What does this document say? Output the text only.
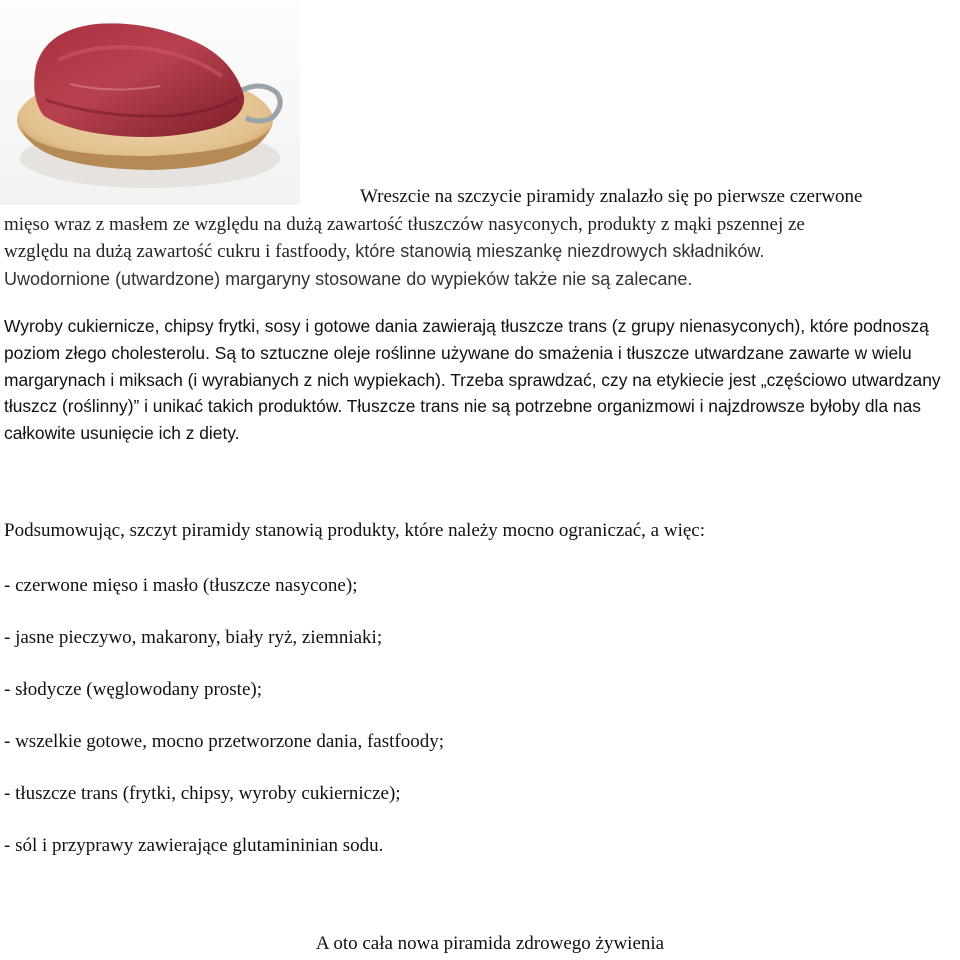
Wreszcie na szczycie piramidy znalazło się po pierwsze czerwone
mięso wraz z masłem ze względu na dużą zawartość tłuszczów nasyconych, produkty z mąki pszennej ze
względu na dużą zawartość cukru i fastfoody, które stanowią mieszankę niezdrowych składników.
Uwodornione (utwardzone) margaryny stosowane do wypieków także nie są zalecane.

Wyroby cukiernicze, chipsy frytki, sosy i gotowe dania zawierają tłuszcze trans (z grupy nienasyconych), które podnoszą poziom złego cholesterolu. Są to sztuczne oleje roślinne używane do smażenia i tłuszcze utwardzane zawarte w wielu margarynach i miksach (i wyrabianych z nich wypiekach). Trzeba sprawdzać, czy na etykiecie jest „częściowo utwardzany tłuszcz (roślinny)” i unikać takich produktów. Tłuszcze trans nie są potrzebne organizmowi i najzdrowsze byłoby dla nas całkowite usunięcie ich z diety.

Podsumowując, szczyt piramidy stanowią produkty, które należy mocno ograniczać, a więc:

- czerwone mięso i masło (tłuszcze nasycone);
- jasne pieczywo, makarony, biały ryż, ziemniaki;
- słodycze (węglowodany proste);
- wszelkie gotowe, mocno przetworzone dania, fastfoody;
- tłuszcze trans (frytki, chipsy, wyroby cukiernicze);
- sól i przyprawy zawierające glutamininian sodu.

A oto cała nowa piramida zdrowego żywienia
